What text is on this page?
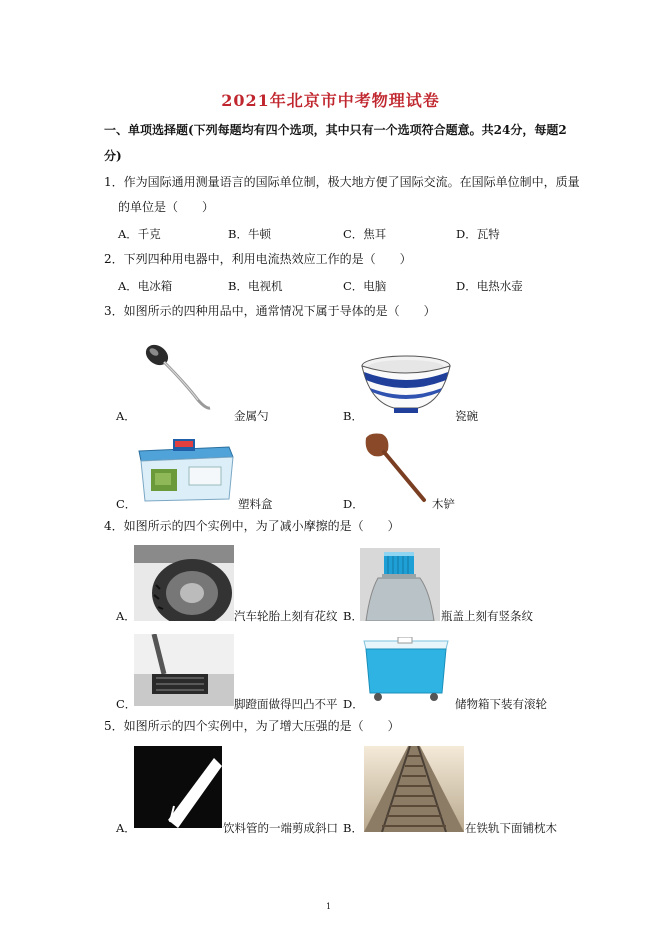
2021年北京市中考物理试卷
一、单项选择题(下列每题均有四个选项，其中只有一个选项符合题意。共24分，每题2
分)
1．作为国际通用测量语言的国际单位制，极大地方便了国际交流。在国际单位制中，质量
的单位是（　　）
A．千克	B．牛顿	C．焦耳	D．瓦特
2．下列四种用电器中，利用电流热效应工作的是（　　）
A．电冰箱	B．电视机	C．电脑	D．电热水壶
3．如图所示的四种用品中，通常情况下属于导体的是（　　）
A．	金属勺	B．	瓷碗
C．	塑料盒	D．	木铲
4．如图所示的四个实例中，为了减小摩擦的是（　　）
A．	汽车轮胎上刻有花纹 B．	瓶盖上刻有竖条纹
C．	脚蹬面做得凹凸不平 D．	储物箱下装有滚轮
5．如图所示的四个实例中，为了增大压强的是（　　）
A．	饮料管的一端剪成斜口 B．	在铁轨下面铺枕木
1
